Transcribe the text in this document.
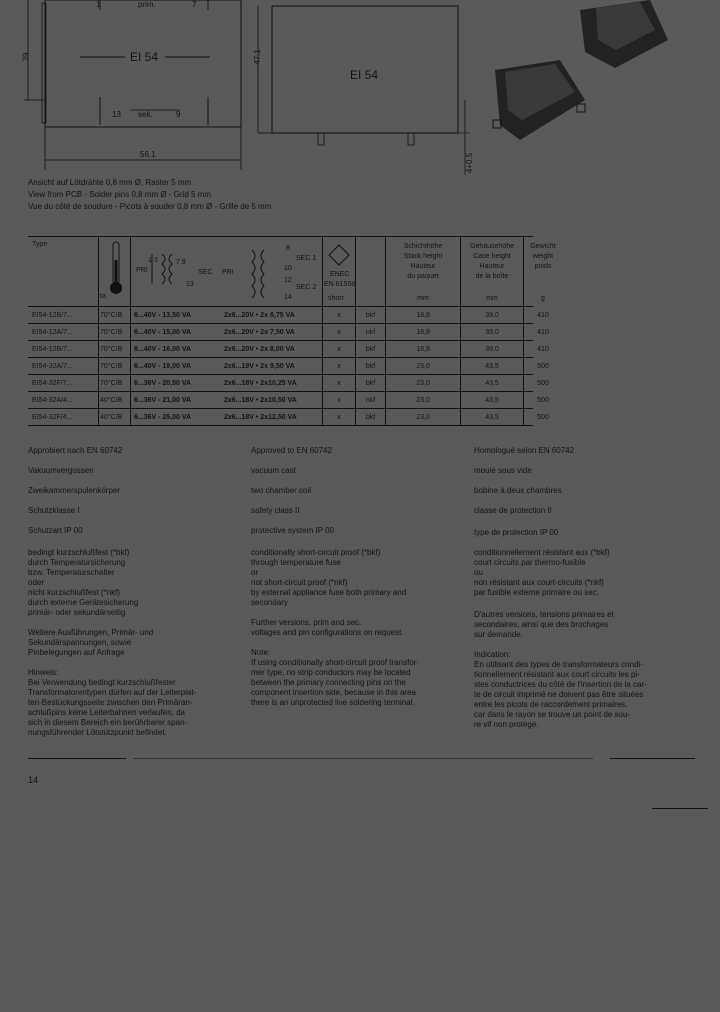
prim.
1	7
EI 54
13 sek.	9
56.1
39
EI 54
47.1
4+0.5
Ansicht auf Lötdrähte 0,8 mm Ø, Raster 5 mm
View from PCB - Solder pins 0,8 mm Ø - Grid 5 mm
Vue du côté de soudure - Picots à souder 0,8 mm Ø - Grille de 5 mm
Type
ta
PRI
1 3	7 9
13
SEC PRI
8
SEC 1
10
12
SEC 2
14
ENEC
EN 61558
short
Schichthöhe
Stack height
Hauteur
du paquet
mm
Gehäusehöhe
Case height
Hauteur
de la boîte
mm
Gewicht
weight
poids
g
EI54-12B/7...	70°C/B 6...40V - 13,50 VA	2x6...20V • 2x 6,75 VA	x	bkf	18,9	39,0	410
EI54-12A/7...	70°C/B 6...40V - 15,00 VA	2x6...20V • 2x 7,50 VA	x	nkf	18,9	39,0	410
EI54-12B/7...	70°C/B 6...40V - 16,00 VA	2x6...20V • 2x 8,00 VA	x	bkf	18,9	39,0	410
EI54-32A/7...	70°C/B 6...40V - 19,00 VA	2x6...19V • 2x 9,50 VA	x	bkf	23,0	43,5	500
EI54-32F/7...	70°C/B 6...36V - 20,50 VA	2x6...18V • 2x10,25 VA	x	bkf	23,0	43,5	500
EI54-32A/4...	40°C/B 6...36V - 21,00 VA	2x6...18V • 2x10,50 VA	x	nkf	23,0	43,5	500
EI54-32F/4...	40°C/B 6...36V - 25,00 VA	2x6...18V • 2x12,50 VA	x	bkf	23,0	43,5	500
Approbiert nach EN 60742
Vakuumvergossen
Zweikammerspulenkörper
Schutzklasse I
Schutzart IP 00
bedingt kurzschlußfest (*bkf)
durch Temperatursicherung
bzw. Temperaturschalter
oder
nicht kurzschlußfest (*nkf)
durch externe Gerätesicherung
primär- oder sekundärseitig
Weitere Ausführungen, Primär- und
Sekundärspannungen, sowie
Pinbelegungen auf Anfrage
Hinweis:
Bei Verwendung bedingt kurzschlußfester
Transformatorentypen dürfen auf der Leiterplat-
ten-Bestückungsseite zwischen den Primäran-
schlußpins keine Leiterbahnen verlaufen, da
sich in diesem Bereich ein berührbarer span-
nungsführender Lötstützpunkt befindet.
Approved to EN 60742
vacuum cast
two chamber coil
safety class II
protective system IP 00
conditionally short-circuit proof (*bkf)
through temperature fuse
or
not short-circuit proof (*nkf)
by external appliance fuse both primary and
secondary
Further versions, prim and sec.
voltages and pin configurations on request.
Note:
If using conditionally short-circuit proof transfor-
mer type, no strip conductors may be located
between the primary connecting pins on the
component insertion side, because in this area
there is an unprotected live soldering terminal.
Homologué selon EN 60742
moulé sous vide
bobine à deux chambres
classe de protection II
type de protection IP 00
conditionnellement résistant aux (*bkf)
court circuits par thermo-fusible
ou
non résistant aux court-circuits (*nkf)
par fusible externe primaire ou sec.
D'autres versions, tensions primaires et
secondaires, ainsi que des brochages
sur demande.
Indication:
En utilisant des types de transformateurs condi-
tionnellement résistant aux court circuits les pi-
stes conductrices du côté de l'insertion de la car-
te de circuit imprimé ne doivent pas être situées
entre les picots de raccordement primaires,
car dans le rayon se trouve un point de sou-
re vif non protégé.
14
